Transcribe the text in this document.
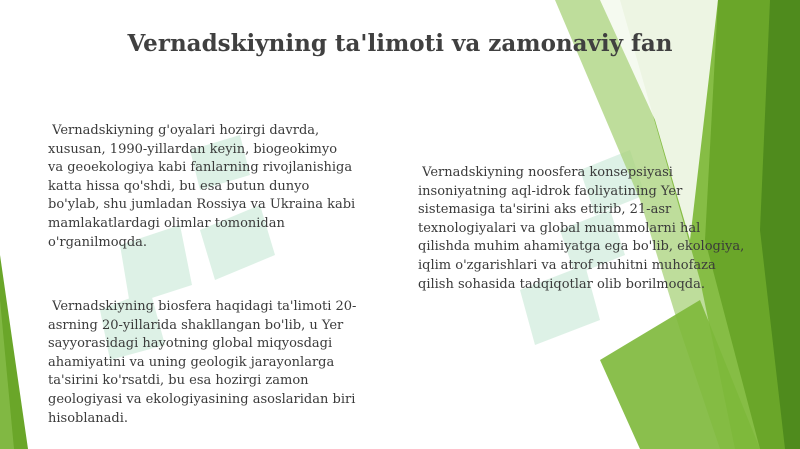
Vernadskiyning ta'limoti va zamonaviy fan

Vernadskiyning g'oyalari hozirgi davrda,
xususan, 1990-yillardan keyin, biogeokimyo
va geoekologiya kabi fanlarning rivojlanishiga
katta hissa qo'shdi, bu esa butun dunyo
bo'ylab, shu jumladan Rossiya va Ukraina kabi
mamlakatlardagi olimlar tomonidan
o'rganilmoqda.

Vernadskiyning biosfera haqidagi ta'limoti 20-
asrning 20-yillarida shakllangan bo'lib, u Yer
sayyorasidagi hayotning global miqyosdagi
ahamiyatini va uning geologik jarayonlarga
ta'sirini ko'rsatdi, bu esa hozirgi zamon
geologiyasi va ekologiyasining asoslaridan biri
hisoblanadi.

Vernadskiyning noosfera konsepsiyasi
insoniyatning aql-idrok faoliyatining Yer
sistemasiga ta'sirini aks ettirib, 21-asr
texnologiyalari va global muammolarni hal
qilishda muhim ahamiyatga ega bo'lib, ekologiya,
iqlim o'zgarishlari va atrof muhitni muhofaza
qilish sohasida tadqiqotlar olib borilmoqda.
